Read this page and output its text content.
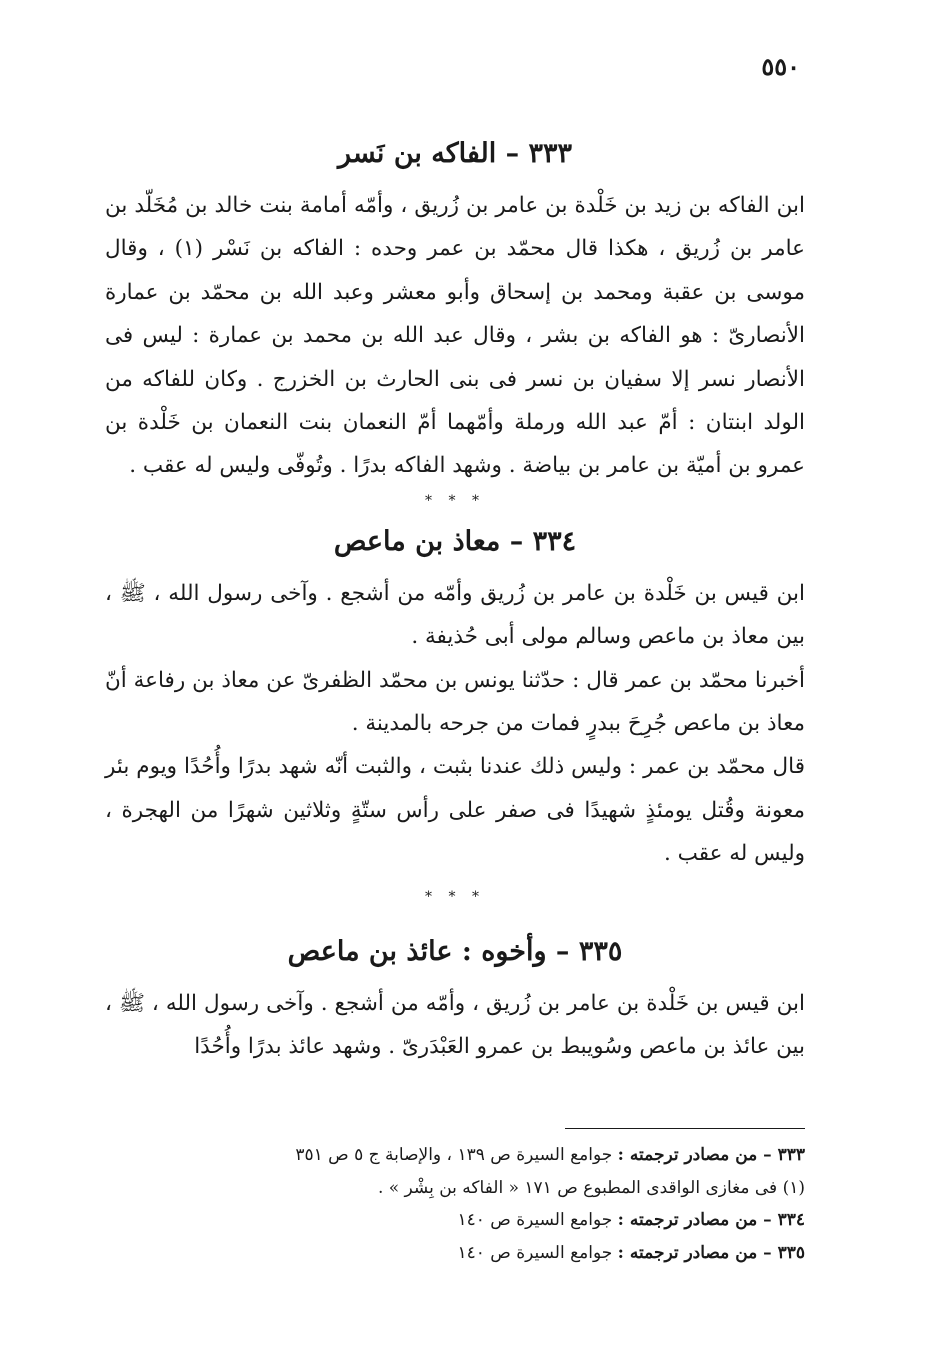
٥٥٠
٣٣٣ – الفاكه بن نَسر

ابن الفاكه بن زيد بن خَلْدة بن عامر بن زُريق ، وأمّه أمامة بنت خالد بن مُخَلّد بن عامر بن زُريق ، هكذا قال محمّد بن عمر وحده : الفاكه بن نَسْر (١) ، وقال موسى بن عقبة ومحمد بن إسحاق وأبو معشر وعبد الله بن محمّد بن عمارة الأنصارىّ : هو الفاكه بن بشر ، وقال عبد الله بن محمد بن عمارة : ليس فى الأنصار نسر إلا سفيان بن نسر فى بنى الحارث بن الخزرج . وكان للفاكه من الولد ابنتان : أمّ عبد الله ورملة وأمّهما أمّ النعمان بنت النعمان بن خَلْدة بن عمرو بن أميّة بن عامر بن بياضة . وشهد الفاكه بدرًا . وتُوفّى وليس له عقب .

* * *
٣٣٤ – معاذ بن ماعص

ابن قيس بن خَلْدة بن عامر بن زُريق وأمّه من أشجع . وآخى رسول الله ، ﷺ ، بين معاذ بن ماعص وسالم مولى أبى حُذيفة .

أخبرنا محمّد بن عمر قال : حدّثنا يونس بن محمّد الظفرىّ عن معاذ بن رفاعة أنّ معاذ بن ماعص جُرِحَ ببدرٍ فمات من جرحه بالمدينة .

قال محمّد بن عمر : وليس ذلك عندنا بثبت ، والثبت أنّه شهد بدرًا وأُحُدًا ويوم بئر معونة وقُتل يومئذٍ شهيدًا فى صفر على رأس ستّةٍ وثلاثين شهرًا من الهجرة ، وليس له عقب .

* * *
٣٣٥ – وأخوه : عائذ بن ماعص

ابن قيس بن خَلْدة بن عامر بن زُريق ، وأمّه من أشجع . وآخى رسول الله ، ﷺ ، بين عائذ بن ماعص وسُويبط بن عمرو العَبْدَرىّ . وشهد عائذ بدرًا وأُحُدًا

٣٣٣ – من مصادر ترجمته : جوامع السيرة ص ١٣٩ ، والإصابة ج ٥ ص ٣٥١

(١) فى مغازى الواقدى المطبوع ص ١٧١ « الفاكه بن بِشْر » .

٣٣٤ – من مصادر ترجمته : جوامع السيرة ص ١٤٠

٣٣٥ – من مصادر ترجمته : جوامع السيرة ص ١٤٠
